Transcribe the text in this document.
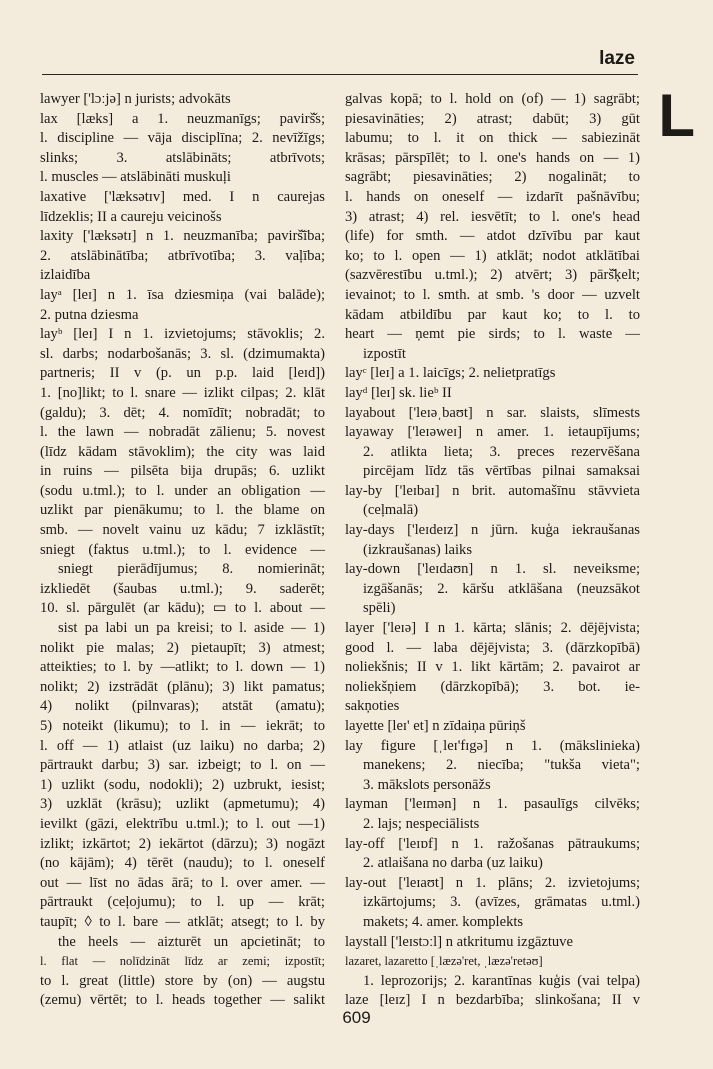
laze
L
lawyer ['lɔːjə] n jurists; advokāts
lax [læks] a 1. neuzmanīgs; pavirš̌s;
l. discipline — vāja disciplīna; 2. nevīžīgs;
slinks; 3. atslābināts; atbrīvots;
l. muscles — atslābināti muskuļi
laxative ['læksətɪv] med. I n caurejas
līdzeklis; II a caureju veicinošs
laxity ['læksətɪ] n 1. neuzmanība; pavirš̌ība;
2. atslābinātība; atbrīvotība; 3. vaļība;
izlaidība
layᵃ [leɪ] n 1. īsa dziesmiņa (vai balāde);
2. putna dziesma
layᵇ [leɪ] I n 1. izvietojums; stāvoklis; 2.
sl. darbs; nodarbošanās; 3. sl. (dzimumakta)
partneris; II v (p. un p.p. laid [leɪd])
1. [no]likt; to l. snare — izlikt cilpas; 2. klāt
(galdu); 3. dēt; 4. nomīdīt; nobradāt; to
l. the lawn — nobradāt zālienu; 5. novest
(līdz kādam stāvoklim); the city was laid
in ruins — pilsēta bija drupās; 6. uzlikt
(sodu u.tml.); to l. under an obligation —
uzlikt par pienākumu; to l. the blame on
smb. — novelt vainu uz kādu; 7 izklāstīt;
sniegt (faktus u.tml.); to l. evidence —
sniegt pierādījumus; 8. nomierināt;
izkliedēt (šaubas u.tml.); 9. saderēt;
10. sl. pārgulēt (ar kādu); ▭ to l. about —
sist pa labi un pa kreisi; to l. aside — 1)
nolikt pie malas; 2) pietaupīt; 3) atmest;
atteikties; to l. by —atlikt; to l. down — 1)
nolikt; 2) izstrādāt (plānu); 3) likt pamatus;
4) nolikt (pilnvaras); atstāt (amatu);
5) noteikt (likumu); to l. in — iekrāt; to
l. off — 1) atlaist (uz laiku) no darba; 2)
pārtraukt darbu; 3) sar. izbeigt; to l. on —
1) uzlikt (sodu, nodokli); 2) uzbrukt, iesist;
3) uzklāt (krāsu); uzlikt (apmetumu); 4)
ievilkt (gāzi, elektrību u.tml.); to l. out —1)
izlikt; izkārtot; 2) iekārtot (dārzu); 3) nogāzt
(no kājām); 4) tērēt (naudu); to l. oneself
out — līst no ādas ārā; to l. over amer. —
pārtraukt (ceļojumu); to l. up — krāt;
taupīt; ◊ to l. bare — atklāt; atsegt; to l. by
the heels — aizturēt un apcietināt; to
l. flat — nolīdzināt līdz ar zemi; izpostīt;
to l. great (little) store by (on) — augstu
(zemu) vērtēt; to l. heads together — salikt
galvas kopā; to l. hold on (of) — 1) sagrābt;
piesavināties; 2) atrast; dabūt; 3) gūt
labumu; to l. it on thick — sabiezināt
krāsas; pārspīlēt; to l. one's hands on — 1)
sagrābt; piesavināties; 2) nogalināt; to
l. hands on oneself — izdarīt pašnāvību;
3) atrast; 4) rel. iesvētīt; to l. one's head
(life) for smth. — atdot dzīvību par kaut
ko; to l. open — 1) atklāt; nodot atklātībai
(sazvērestību u.tml.); 2) atvērt; 3) pārš̌ķelt;
ievainot; to l. smth. at smb. 's door — uzvelt
kādam atbildību par kaut ko; to l. to
heart — ņemt pie sirds; to l. waste —
izpostīt
layᶜ [leɪ] a 1. laicīgs; 2. nelietpratīgs
layᵈ [leɪ] sk. lieᵇ II
layabout ['leɪəˌbaʊt] n sar. slaists, slīmests
layaway ['leɪəweɪ] n amer. 1. ietaupījums;
2. atlikta lieta; 3. preces rezervēšana
pircējam līdz tās vērtības pilnai samaksai
lay-by ['leɪbaɪ] n brit. automašīnu stāvvieta
(ceļmalā)
lay-days ['leɪdeɪz] n jūrn. kuģa iekraušanas
(izkraušanas) laiks
lay-down ['leɪdaʊn] n 1. sl. neveiksme;
izgāšanās; 2. kāršu atklāšana (neuzsākot
spēli)
layer ['leɪə] I n 1. kārta; slānis; 2. dējējvista;
good l. — laba dējējvista; 3. (dārzkopībā)
noliekšnis; II v 1. likt kārtām; 2. pavairot ar
noliekšņiem (dārzkopībā); 3. bot. ie-
sakņoties
layette [leɪ' et] n zīdaiņa pūriņš
lay figure [ˌleɪ'fɪgə] n 1. (mākslinieka)
manekens; 2. niecība; "tukša vieta";
3. mākslots personāžs
layman ['leɪmən] n 1. pasaulīgs cilvēks;
2. lajs; nespeciālists
lay-off ['leɪɒf] n 1. ražošanas pātraukums;
2. atlaišana no darba (uz laiku)
lay-out ['leɪaʊt] n 1. plāns; 2. izvietojums;
izkārtojums; 3. (avīzes, grāmatas u.tml.)
makets; 4. amer. komplekts
laystall ['leɪstɔːl] n atkritumu izgāztuve
lazaret, lazaretto [ˌlæzə'ret, ˌlæzə'retəʊ]
1. leprozorijs; 2. karantīnas kuģis (vai telpa)
laze [leɪz] I n bezdarbība; slinkošana; II v
609
